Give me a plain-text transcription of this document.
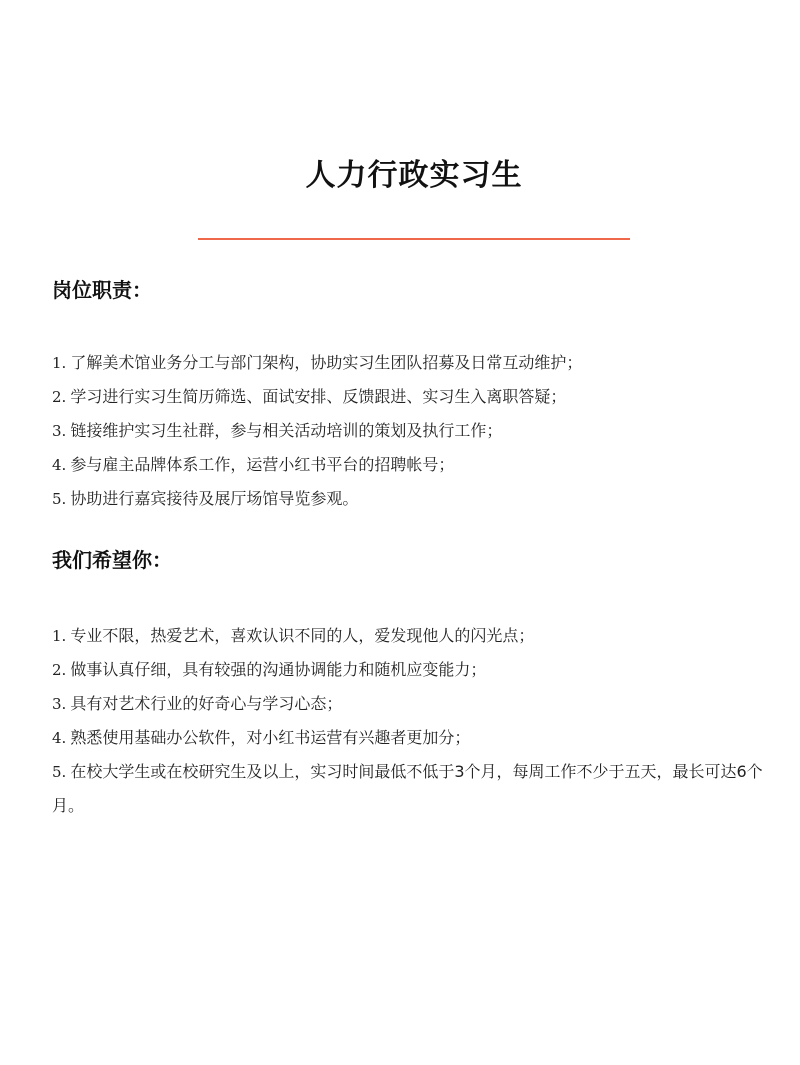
人力行政实习生
岗位职责：
1. 了解美术馆业务分工与部门架构，协助实习生团队招募及日常互动维护；
2. 学习进行实习生简历筛选、面试安排、反馈跟进、实习生入离职答疑；
3. 链接维护实习生社群，参与相关活动培训的策划及执行工作；
4. 参与雇主品牌体系工作，运营小红书平台的招聘帐号；
5. 协助进行嘉宾接待及展厅场馆导览参观。
我们希望你：
1. 专业不限，热爱艺术，喜欢认识不同的人，爱发现他人的闪光点；
2. 做事认真仔细，具有较强的沟通协调能力和随机应变能力；
3. 具有对艺术行业的好奇心与学习心态；
4. 熟悉使用基础办公软件，对小红书运营有兴趣者更加分；
5. 在校大学生或在校研究生及以上，实习时间最低不低于3个月，每周工作不少于五天，最长可达6个月。
